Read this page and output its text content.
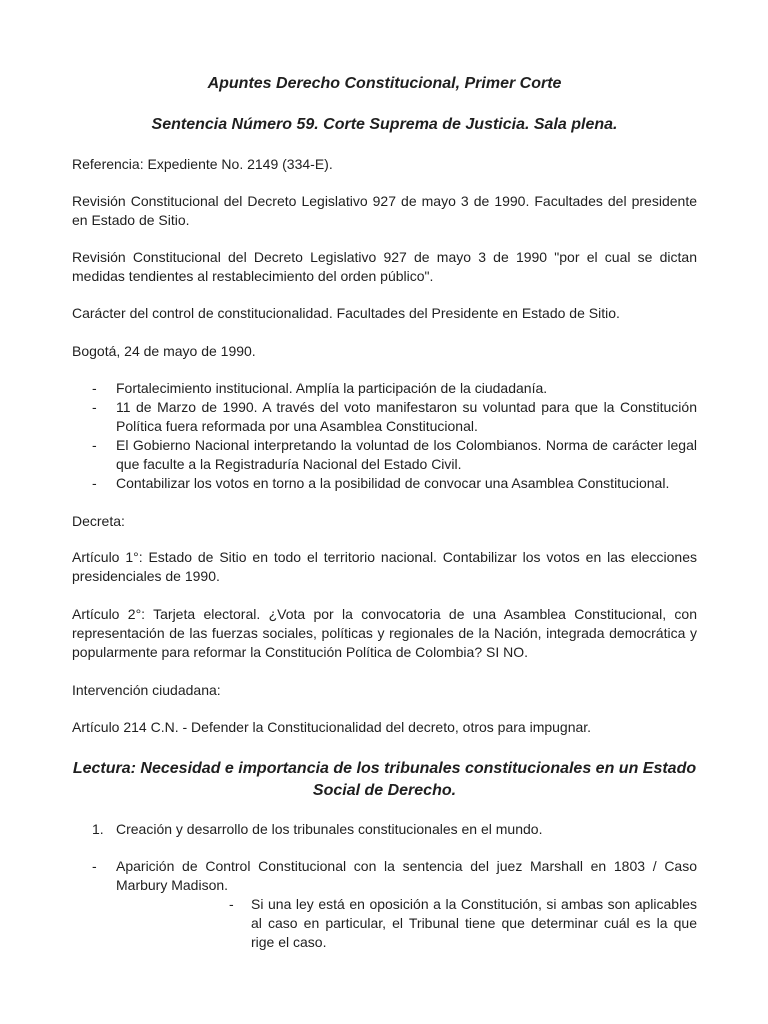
Apuntes Derecho Constitucional, Primer Corte

Sentencia Número 59. Corte Suprema de Justicia. Sala plena.

Referencia: Expediente No. 2149 (334-E).

Revisión Constitucional del Decreto Legislativo 927 de mayo 3 de 1990. Facultades del presidente en Estado de Sitio.

Revisión Constitucional del Decreto Legislativo 927 de mayo 3 de 1990 "por el cual se dictan medidas tendientes al restablecimiento del orden público".

Carácter del control de constitucionalidad. Facultades del Presidente en Estado de Sitio.

Bogotá, 24 de mayo de 1990.

- Fortalecimiento institucional. Amplía la participación de la ciudadanía.
- 11 de Marzo de 1990. A través del voto manifestaron su voluntad para que la Constitución Política fuera reformada por una Asamblea Constitucional.
- El Gobierno Nacional interpretando la voluntad de los Colombianos. Norma de carácter legal que faculte a la Registraduría Nacional del Estado Civil.
- Contabilizar los votos en torno a la posibilidad de convocar una Asamblea Constitucional.

Decreta:

Artículo 1°: Estado de Sitio en todo el territorio nacional. Contabilizar los votos en las elecciones presidenciales de 1990.

Artículo 2°: Tarjeta electoral. ¿Vota por la convocatoria de una Asamblea Constitucional, con representación de las fuerzas sociales, políticas y regionales de la Nación, integrada democrática y popularmente para reformar la Constitución Política de Colombia? SI NO.

Intervención ciudadana:

Artículo 214 C.N. - Defender la Constitucionalidad del decreto, otros para impugnar.

Lectura: Necesidad e importancia de los tribunales constitucionales en un Estado Social de Derecho.

1. Creación y desarrollo de los tribunales constitucionales en el mundo.
- Aparición de Control Constitucional con la sentencia del juez Marshall en 1803 / Caso Marbury Madison.
- Si una ley está en oposición a la Constitución, si ambas son aplicables al caso en particular, el Tribunal tiene que determinar cuál es la que rige el caso.
